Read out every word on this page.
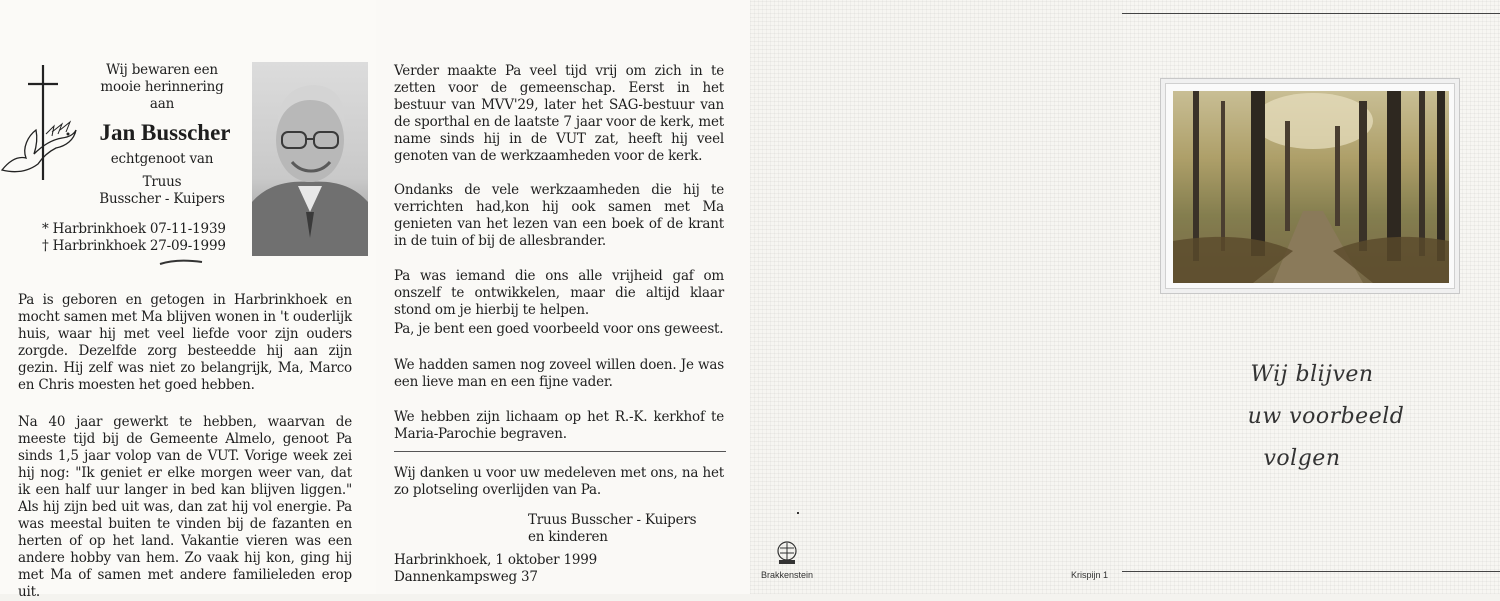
Wij bewaren een
mooie herinnering
aan
Jan Busscher
echtgenoot van
Truus
Busscher - Kuipers
* Harbrinkhoek 07-11-1939
† Harbrinkhoek 27-09-1999
Pa is geboren en getogen in Harbrinkhoek en mocht samen met Ma blijven wonen in 't ouderlijk huis, waar hij met veel liefde voor zijn ouders zorgde. Dezelfde zorg besteedde hij aan zijn gezin. Hij zelf was niet zo belangrijk, Ma, Marco en Chris moesten het goed hebben.
Na 40 jaar gewerkt te hebben, waarvan de meeste tijd bij de Gemeente Almelo, genoot Pa sinds 1,5 jaar volop van de VUT. Vorige week zei hij nog: "Ik geniet er elke morgen weer van, dat ik een half uur langer in bed kan blijven liggen." Als hij zijn bed uit was, dan zat hij vol energie. Pa was meestal buiten te vinden bij de fazanten en herten of op het land. Vakantie vieren was een andere hobby van hem. Zo vaak hij kon, ging hij met Ma of samen met andere familieleden erop uit.
Verder maakte Pa veel tijd vrij om zich in te zetten voor de gemeenschap. Eerst in het bestuur van MVV'29, later het SAG-bestuur van de sporthal en de laatste 7 jaar voor de kerk, met name sinds hij in de VUT zat, heeft hij veel genoten van de werkzaamheden voor de kerk.
Ondanks de vele werkzaamheden die hij te verrichten had,kon hij ook samen met Ma genieten van het lezen van een boek of de krant in de tuin of bij de allesbrander.
Pa was iemand die ons alle vrijheid gaf om onszelf te ontwikkelen, maar die altijd klaar stond om je hierbij te helpen.
Pa, je bent een goed voorbeeld voor ons geweest.
We hadden samen nog zoveel willen doen. Je was een lieve man en een fijne vader.
We hebben zijn lichaam op het R.-K. kerkhof te Maria-Parochie begraven.
Wij danken u voor uw medeleven met ons, na het zo plotseling overlijden van Pa.
Truus Busscher - Kuipers
en kinderen
Harbrinkhoek, 1 oktober 1999
Dannenkampsweg 37	Brakkenstein
Wij blijven
uw voorbeeld
volgen
Krispijn 1
